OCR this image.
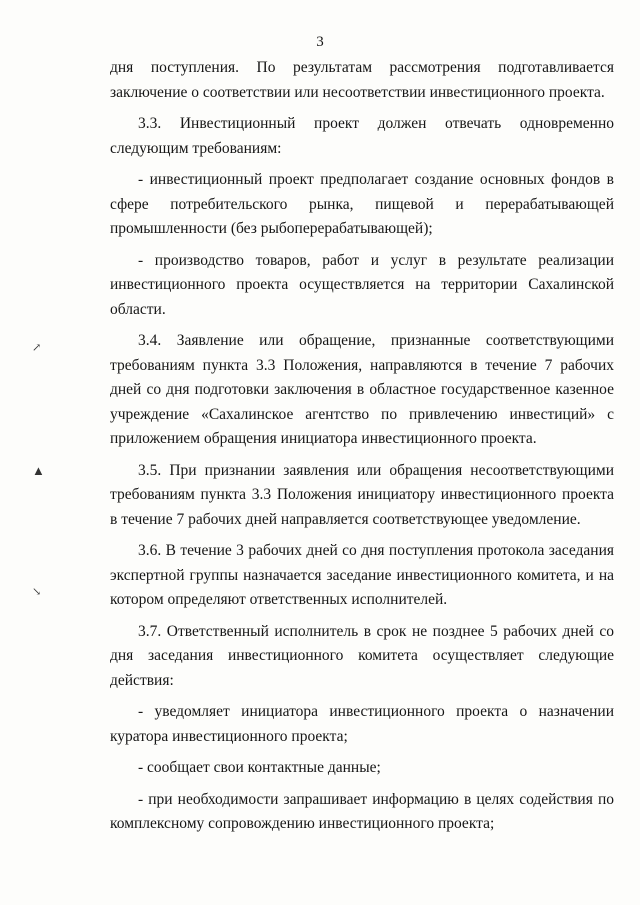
3

дня поступления. По результатам рассмотрения подготавливается заключение о соответствии или несоответствии инвестиционного проекта.

3.3. Инвестиционный проект должен отвечать одновременно следующим требованиям:

- инвестиционный проект предполагает создание основных фондов в сфере потребительского рынка, пищевой и перерабатывающей промышленности (без рыбоперерабатывающей);

- производство товаров, работ и услуг в результате реализации инвестиционного проекта осуществляется на территории Сахалинской области.

3.4. Заявление или обращение, признанные соответствующими требованиям пункта 3.3 Положения, направляются в течение 7 рабочих дней со дня подготовки заключения в областное государственное казенное учреждение «Сахалинское агентство по привлечению инвестиций» с приложением обращения инициатора инвестиционного проекта.

3.5. При признании заявления или обращения несоответствующими требованиям пункта 3.3 Положения инициатору инвестиционного проекта в течение 7 рабочих дней направляется соответствующее уведомление.

3.6. В течение 3 рабочих дней со дня поступления протокола заседания экспертной группы назначается заседание инвестиционного комитета, и на котором определяют ответственных исполнителей.

3.7. Ответственный исполнитель в срок не позднее 5 рабочих дней со дня заседания инвестиционного комитета осуществляет следующие действия:

- уведомляет инициатора инвестиционного проекта о назначении куратора инвестиционного проекта;

- сообщает свои контактные данные;

- при необходимости запрашивает информацию в целях содействия по комплексному сопровождению инвестиционного проекта;

↗
▲
↘
